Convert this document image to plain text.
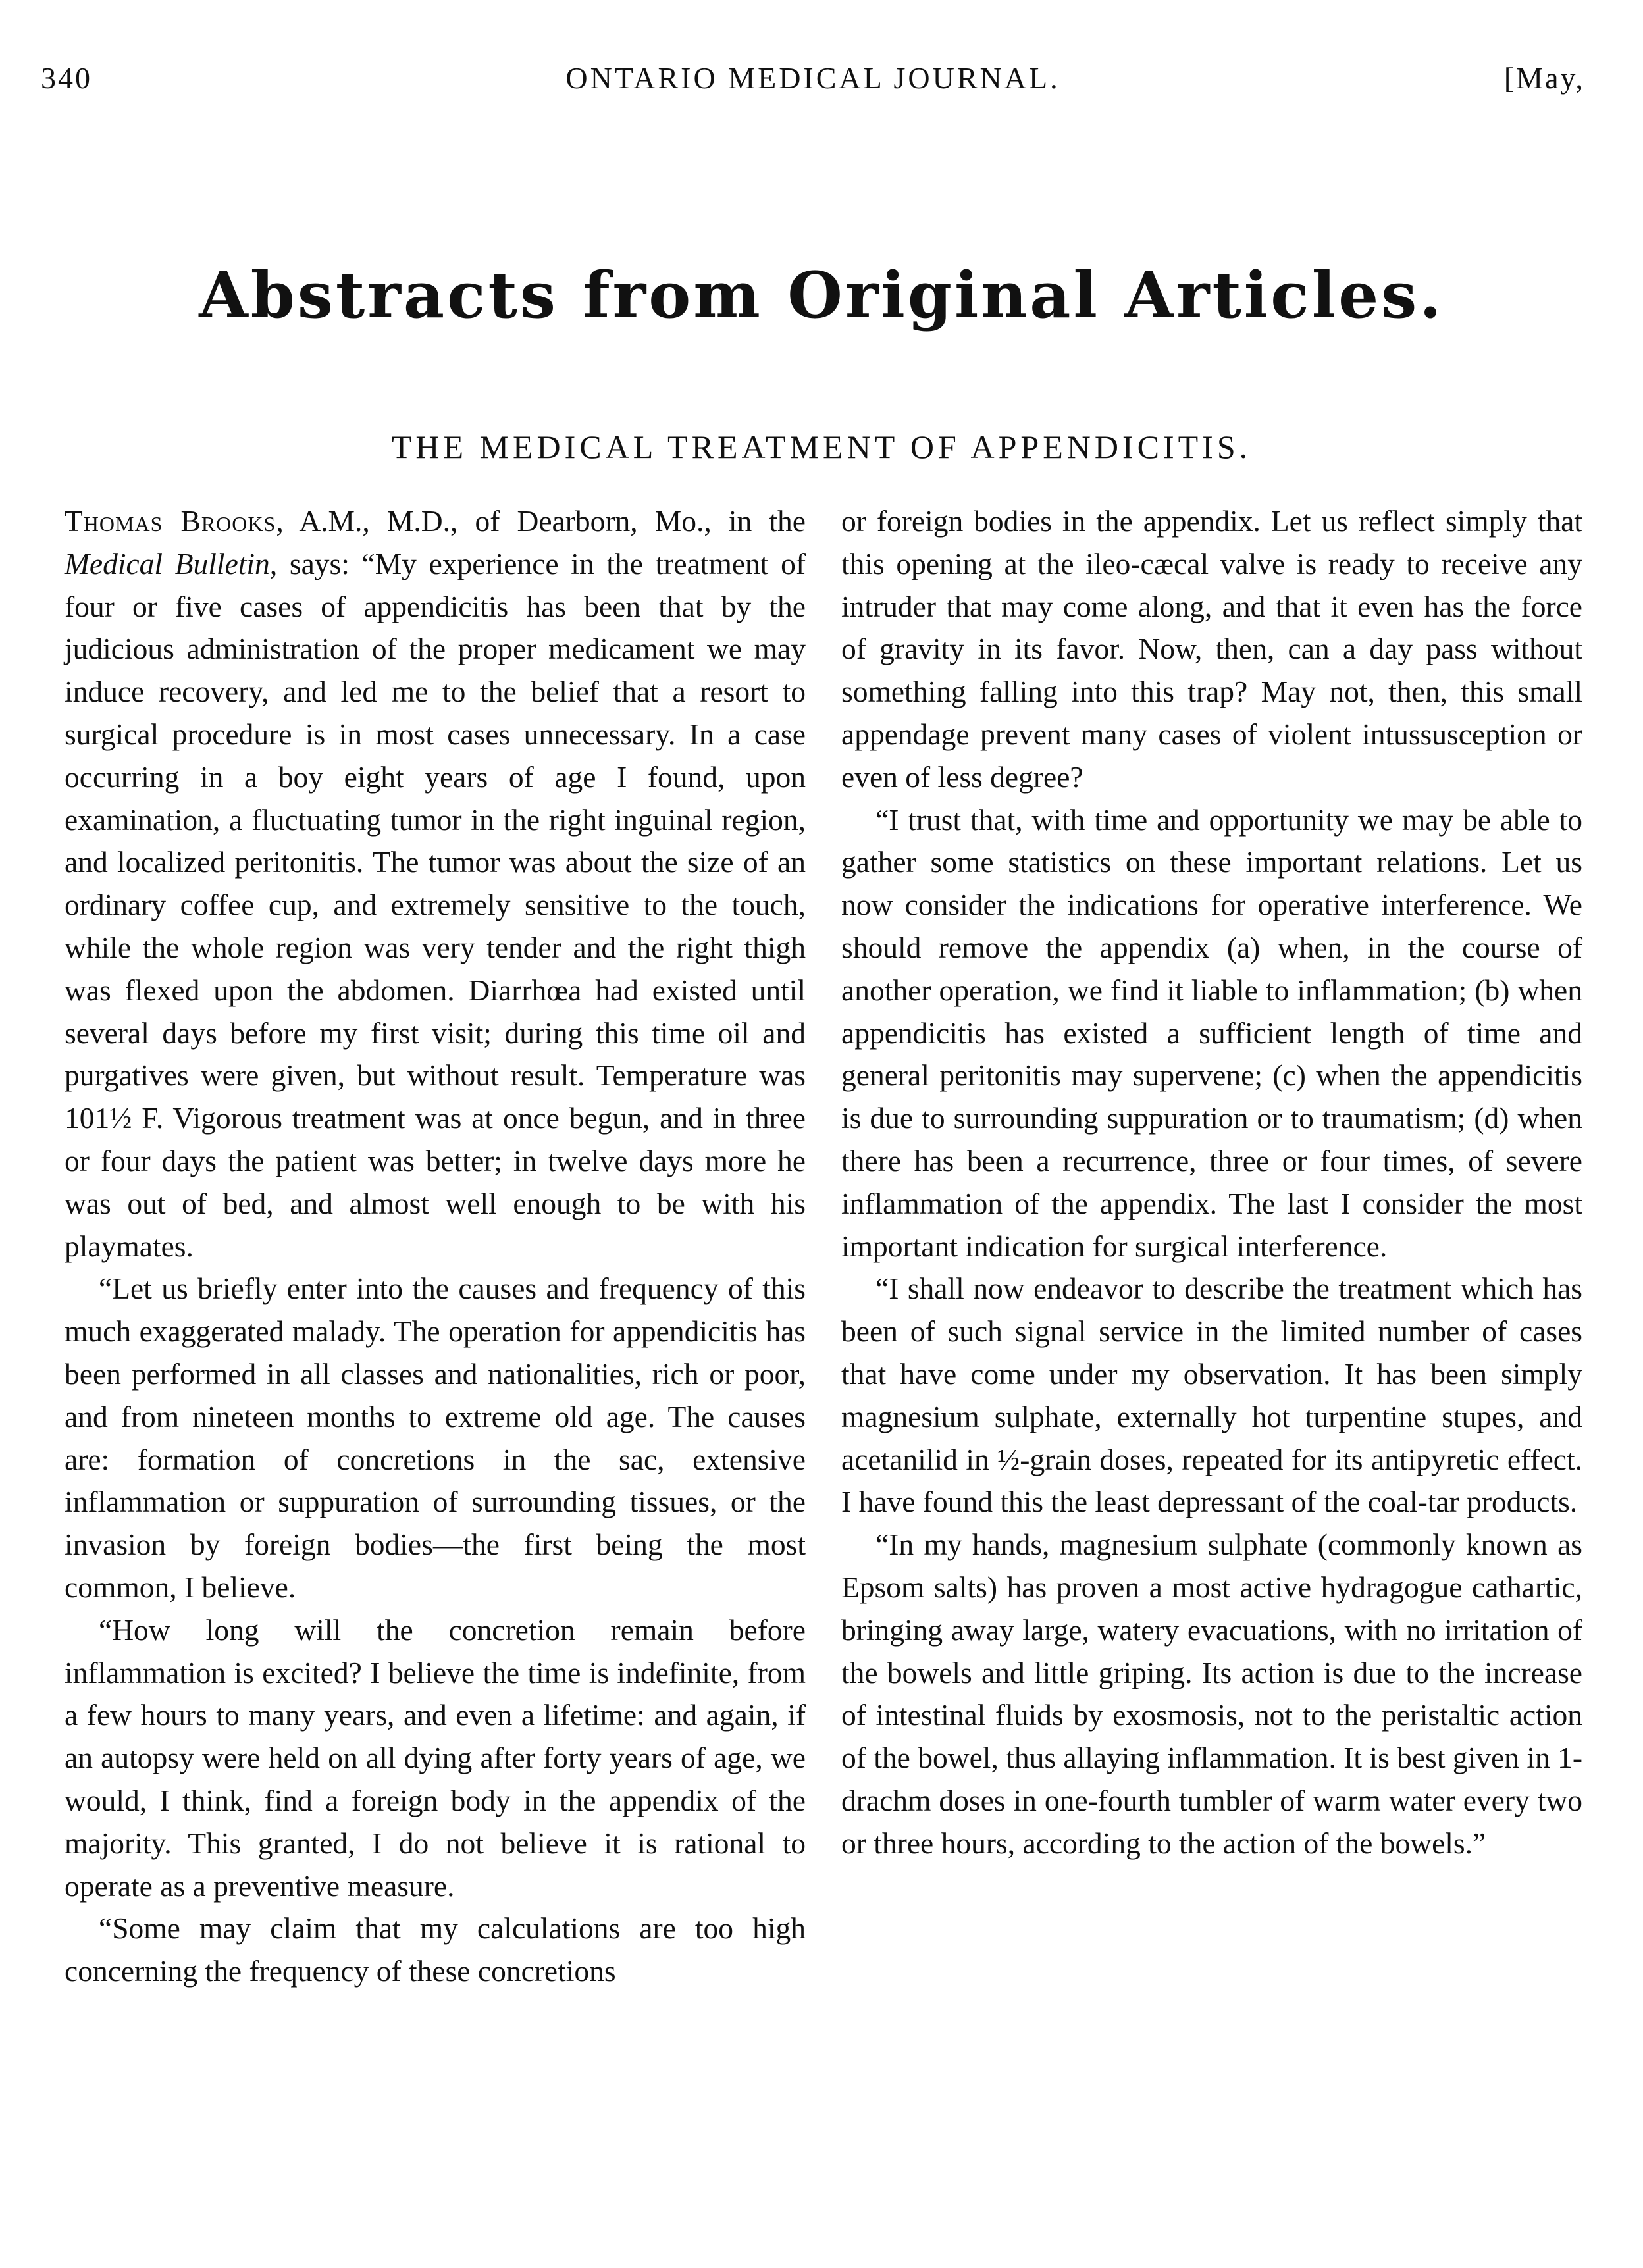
340	ONTARIO MEDICAL JOURNAL.	[May,
Abstracts from Original Articles.
THE MEDICAL TREATMENT OF APPENDICITIS.

Thomas Brooks, A.M., M.D., of Dearborn, Mo., in the Medical Bulletin, says: “My experience in the treatment of four or five cases of appendicitis has been that by the judicious administration of the proper medicament we may induce recovery, and led me to the belief that a resort to surgical procedure is in most cases unnecessary. In a case occurring in a boy eight years of age I found, upon examination, a fluctuating tumor in the right inguinal region, and localized peritonitis. The tumor was about the size of an ordinary coffee cup, and extremely sensitive to the touch, while the whole region was very tender and the right thigh was flexed upon the abdomen. Diarrhœa had existed until several days before my first visit; during this time oil and purgatives were given, but without result. Temperature was 101½ F. Vigorous treatment was at once begun, and in three or four days the patient was better; in twelve days more he was out of bed, and almost well enough to be with his playmates.

“Let us briefly enter into the causes and frequency of this much exaggerated malady. The operation for appendicitis has been performed in all classes and nationalities, rich or poor, and from nineteen months to extreme old age. The causes are: formation of concretions in the sac, extensive inflammation or suppuration of surrounding tissues, or the invasion by foreign bodies—the first being the most common, I believe.

“How long will the concretion remain before inflammation is excited? I believe the time is indefinite, from a few hours to many years, and even a lifetime: and again, if an autopsy were held on all dying after forty years of age, we would, I think, find a foreign body in the appendix of the majority. This granted, I do not believe it is rational to operate as a preventive measure.

“Some may claim that my calculations are too high concerning the frequency of these concretions

or foreign bodies in the appendix. Let us reflect simply that this opening at the ileo-cæcal valve is ready to receive any intruder that may come along, and that it even has the force of gravity in its favor. Now, then, can a day pass without something falling into this trap? May not, then, this small appendage prevent many cases of violent intussusception or even of less degree?

“I trust that, with time and opportunity we may be able to gather some statistics on these important relations. Let us now consider the indications for operative interference. We should remove the appendix (a) when, in the course of another operation, we find it liable to inflammation; (b) when appendicitis has existed a sufficient length of time and general peritonitis may supervene; (c) when the appendicitis is due to surrounding suppuration or to traumatism; (d) when there has been a recurrence, three or four times, of severe inflammation of the appendix. The last I consider the most important indication for surgical interference.

“I shall now endeavor to describe the treatment which has been of such signal service in the limited number of cases that have come under my observation. It has been simply magnesium sulphate, externally hot turpentine stupes, and acetanilid in ½-grain doses, repeated for its antipyretic effect. I have found this the least depressant of the coal-tar products.

“In my hands, magnesium sulphate (commonly known as Epsom salts) has proven a most active hydragogue cathartic, bringing away large, watery evacuations, with no irritation of the bowels and little griping. Its action is due to the increase of intestinal fluids by exosmosis, not to the peristaltic action of the bowel, thus allaying inflammation. It is best given in 1-drachm doses in one-fourth tumbler of warm water every two or three hours, according to the action of the bowels.”
